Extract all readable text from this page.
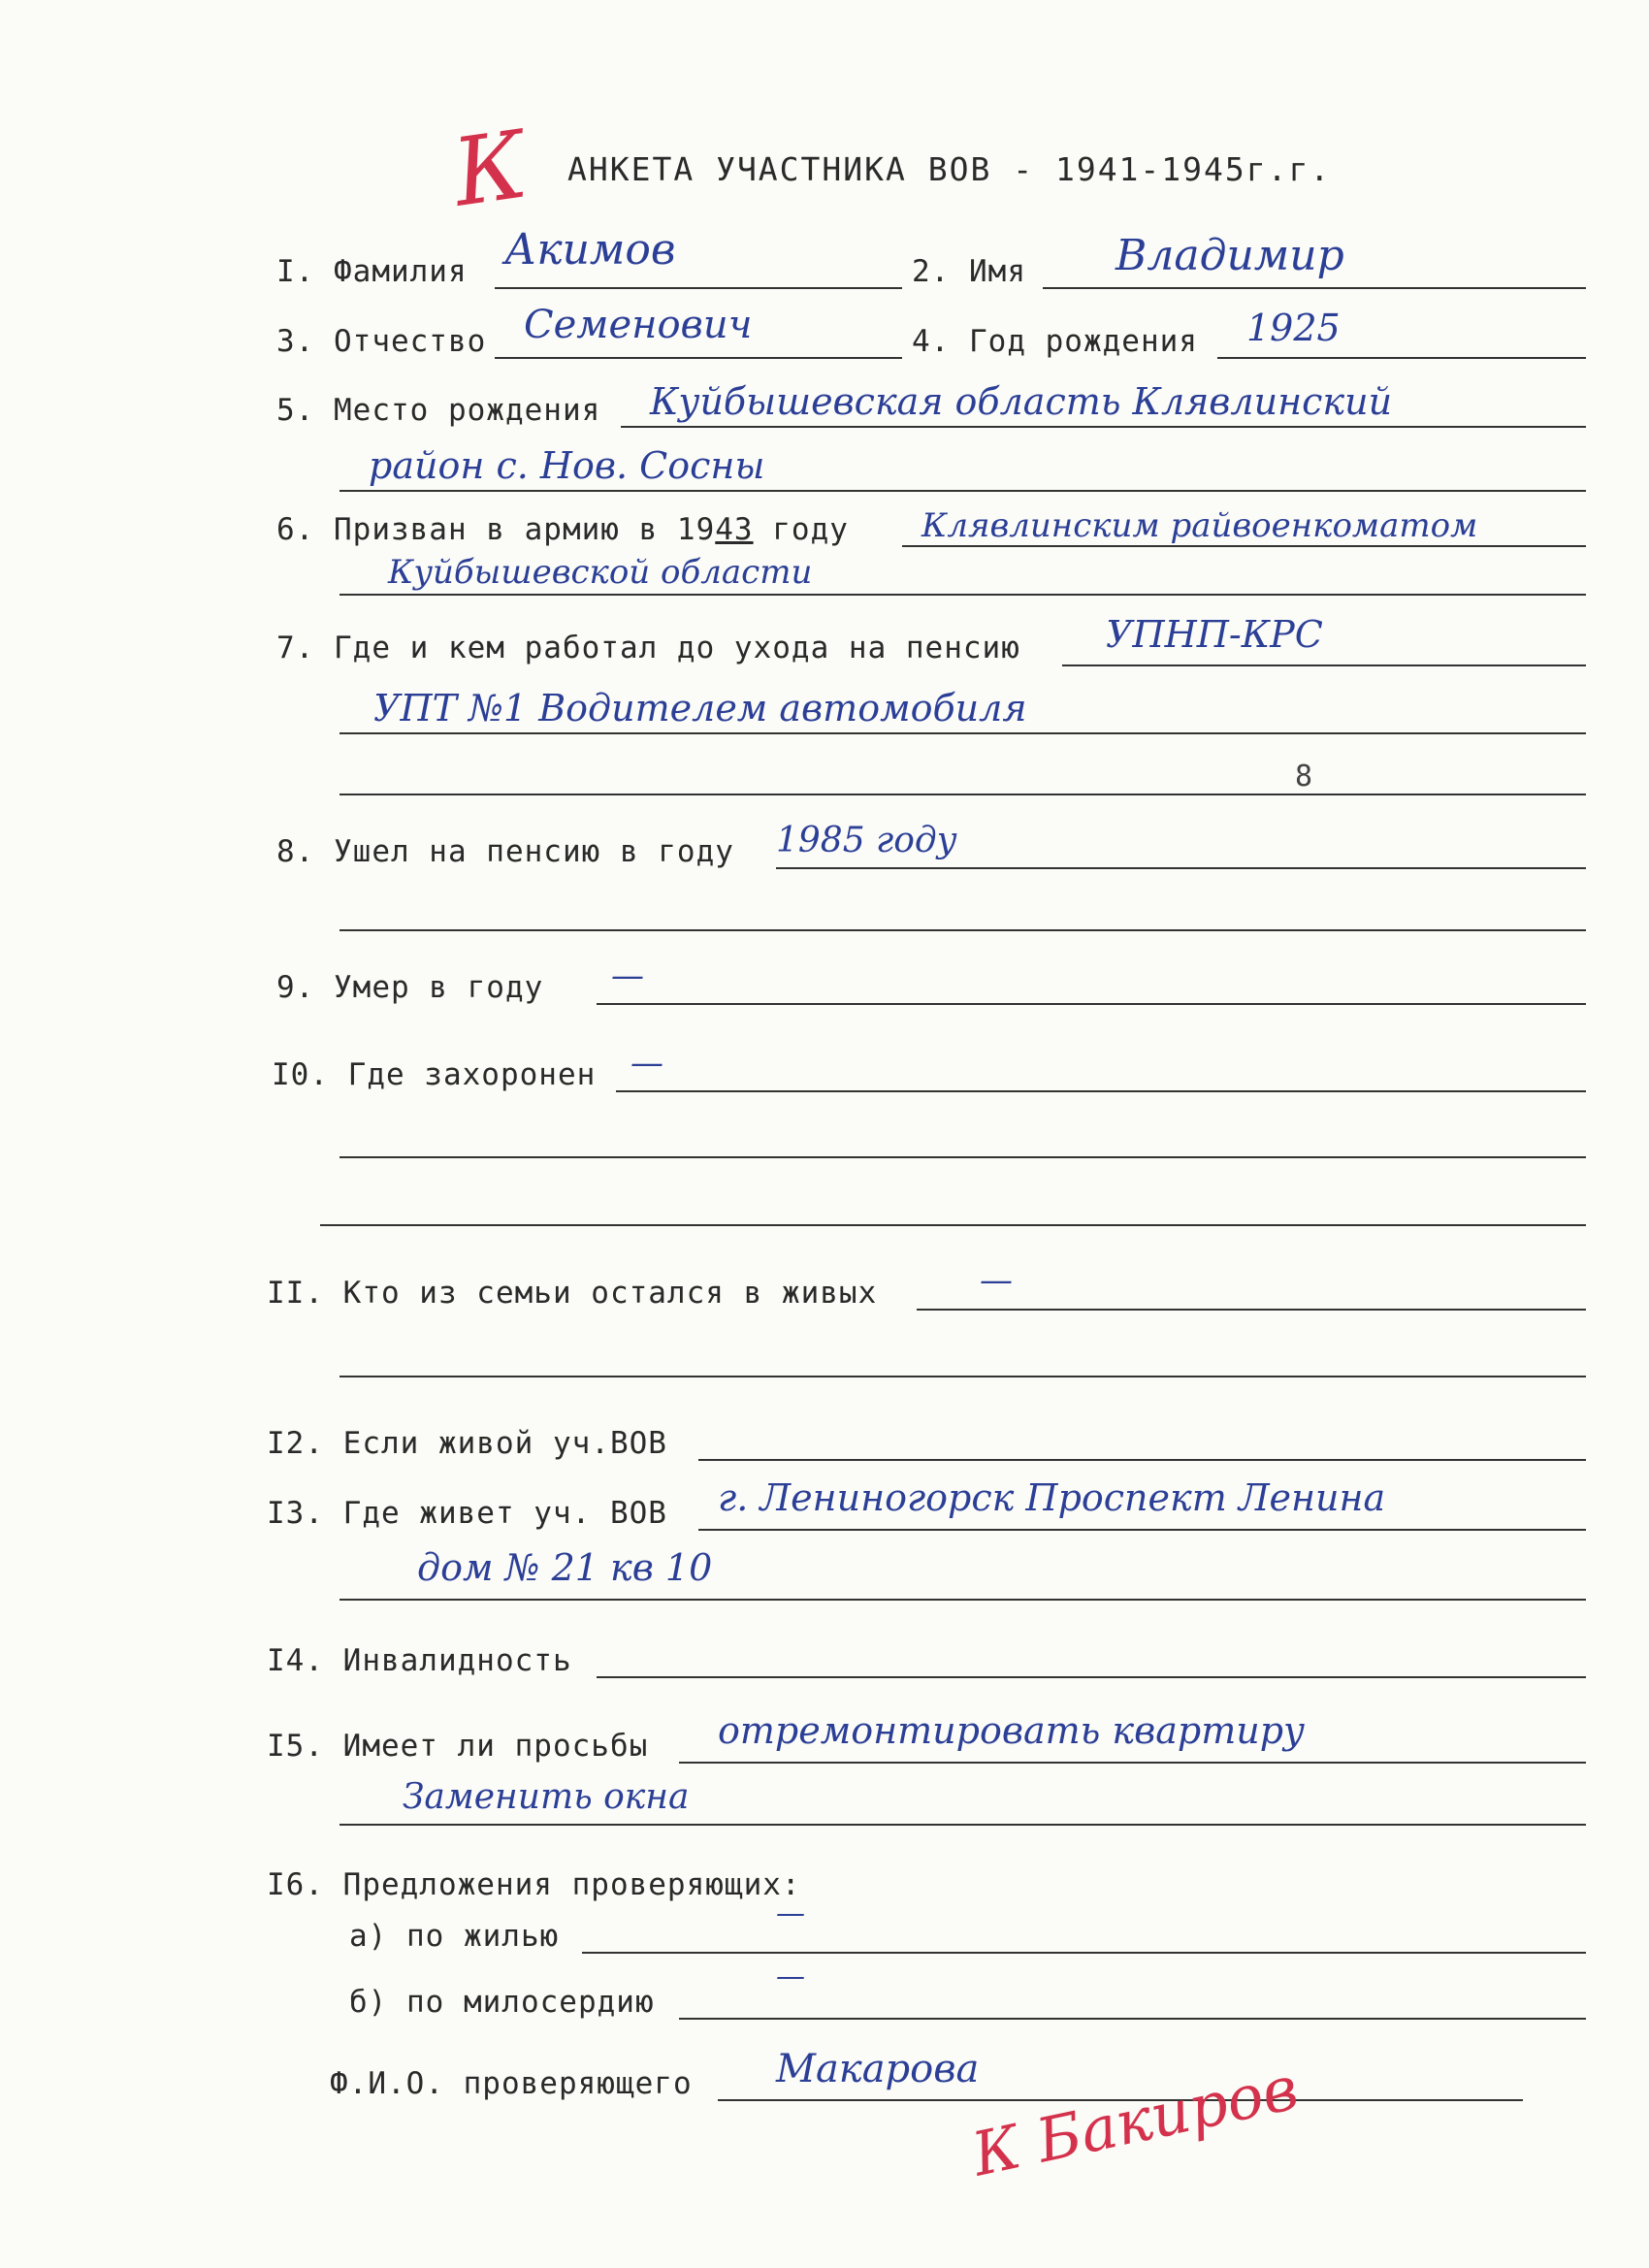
К АНКЕТА УЧАСТНИКА ВОВ - 1941-1945г.г.
I. Фамилия Акимов	2. Имя Владимир
3. Отчество Семенович	4. Год рождения 1925
5. Место рождения Куйбышевская область Клявлинский
район с. Нов. Сосны
6. Призван в армию в 1943 году Клявлинским райвоенкоматом
Куйбышевской области
7. Где и кем работал до ухода на пенсию УПНП-КРС
УПТ №1 Водителем автомобиля
8
8. Ушел на пенсию в году 1985 году
9. Умер в году —
I0. Где захоронен —
II. Кто из семьи остался в живых	—
I2. Если живой уч.ВОВ
I3. Где живет уч. ВОВ г. Лениногорск Проспект Ленина
дом № 21 кв 10
I4. Инвалидность
I5. Имеет ли просьбы отремонтировать квартиру
Заменить окна
I6. Предложения проверяющих:
а) по жилью
—
б) по милосердию
—
Ф.И.О. проверяющего Макарова
К Бакиров
